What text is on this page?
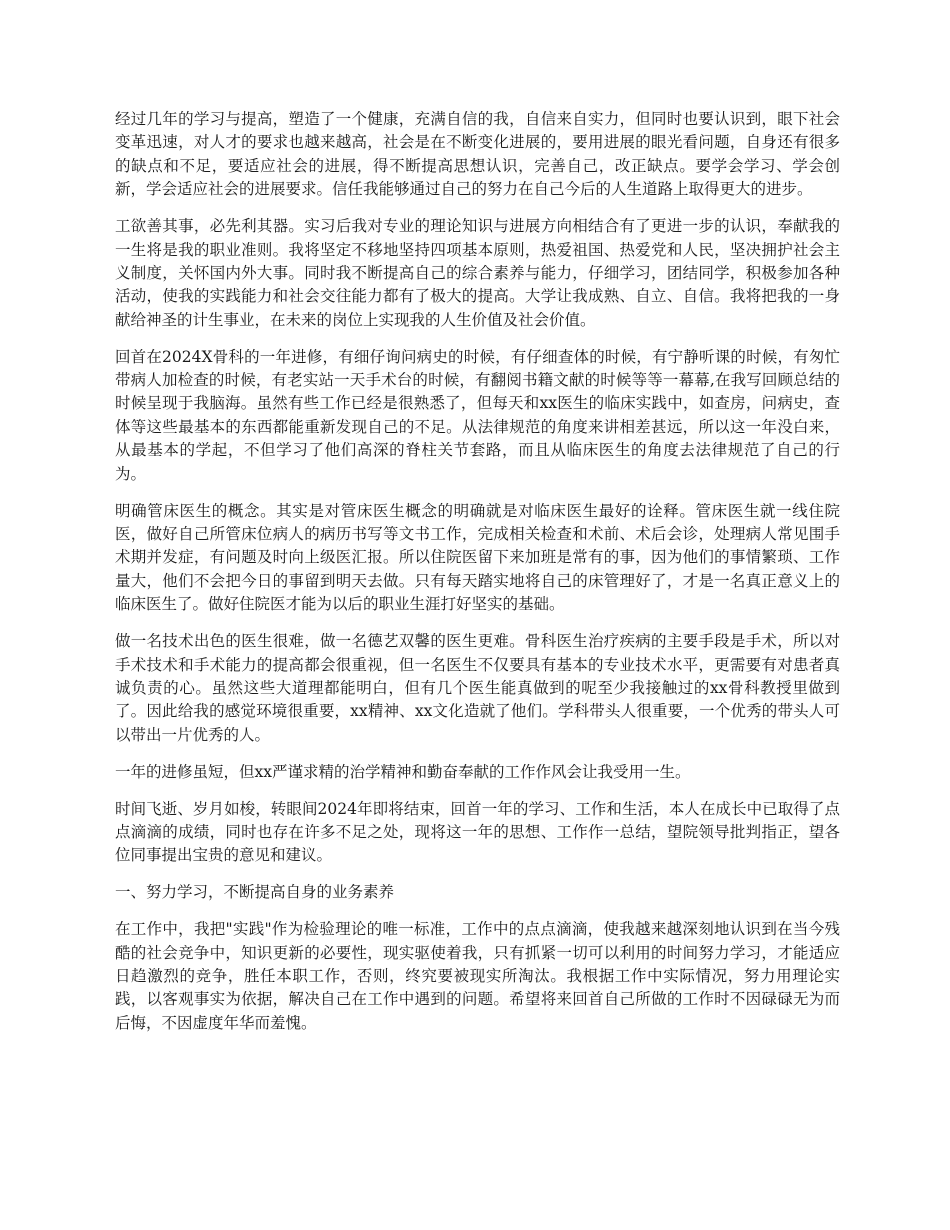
经过几年的学习与提高，塑造了一个健康，充满自信的我，自信来自实力，但同时也要认识到，眼下社会变革迅速，对人才的要求也越来越高，社会是在不断变化进展的，要用进展的眼光看问题，自身还有很多的缺点和不足，要适应社会的进展，得不断提高思想认识，完善自己，改正缺点。要学会学习、学会创新，学会适应社会的进展要求。信任我能够通过自己的努力在自己今后的人生道路上取得更大的进步。

工欲善其事，必先利其器。实习后我对专业的理论知识与进展方向相结合有了更进一步的认识，奉献我的一生将是我的职业准则。我将坚定不移地坚持四项基本原则，热爱祖国、热爱党和人民，坚决拥护社会主义制度，关怀国内外大事。同时我不断提高自己的综合素养与能力，仔细学习，团结同学，积极参加各种活动，使我的实践能力和社会交往能力都有了极大的提高。大学让我成熟、自立、自信。我将把我的一身献给神圣的计生事业，在未来的岗位上实现我的人生价值及社会价值。

回首在2024X骨科的一年进修，有细仔询问病史的时候，有仔细查体的时候，有宁静听课的时候，有匆忙带病人加检查的时候，有老实站一天手术台的时候，有翻阅书籍文献的时候等等一幕幕,在我写回顾总结的时候呈现于我脑海。虽然有些工作已经是很熟悉了，但每天和xx医生的临床实践中，如查房，问病史，查体等这些最基本的东西都能重新发现自己的不足。从法律规范的角度来讲相差甚远，所以这一年没白来，从最基本的学起，不但学习了他们高深的脊柱关节套路，而且从临床医生的角度去法律规范了自己的行为。

明确管床医生的概念。其实是对管床医生概念的明确就是对临床医生最好的诠释。管床医生就一线住院医，做好自己所管床位病人的病历书写等文书工作，完成相关检查和术前、术后会诊，处理病人常见围手术期并发症，有问题及时向上级医汇报。所以住院医留下来加班是常有的事，因为他们的事情繁琐、工作量大，他们不会把今日的事留到明天去做。只有每天踏实地将自己的床管理好了，才是一名真正意义上的临床医生了。做好住院医才能为以后的职业生涯打好坚实的基础。

做一名技术出色的医生很难，做一名德艺双馨的医生更难。骨科医生治疗疾病的主要手段是手术，所以对手术技术和手术能力的提高都会很重视，但一名医生不仅要具有基本的专业技术水平，更需要有对患者真诚负责的心。虽然这些大道理都能明白，但有几个医生能真做到的呢至少我接触过的xx骨科教授里做到了。因此给我的感觉环境很重要，xx精神、xx文化造就了他们。学科带头人很重要，一个优秀的带头人可以带出一片优秀的人。

一年的进修虽短，但xx严谨求精的治学精神和勤奋奉献的工作作风会让我受用一生。

时间飞逝、岁月如梭，转眼间2024年即将结束，回首一年的学习、工作和生活，本人在成长中已取得了点点滴滴的成绩，同时也存在许多不足之处，现将这一年的思想、工作作一总结，望院领导批判指正，望各位同事提出宝贵的意见和建议。

一、努力学习，不断提高自身的业务素养

在工作中，我把"实践"作为检验理论的唯一标准，工作中的点点滴滴，使我越来越深刻地认识到在当今残酷的社会竞争中，知识更新的必要性，现实驱使着我，只有抓紧一切可以利用的时间努力学习，才能适应日趋激烈的竞争，胜任本职工作，否则，终究要被现实所淘汰。我根据工作中实际情况，努力用理论实践，以客观事实为依据，解决自己在工作中遇到的问题。希望将来回首自己所做的工作时不因碌碌无为而后悔，不因虚度年华而羞愧。
